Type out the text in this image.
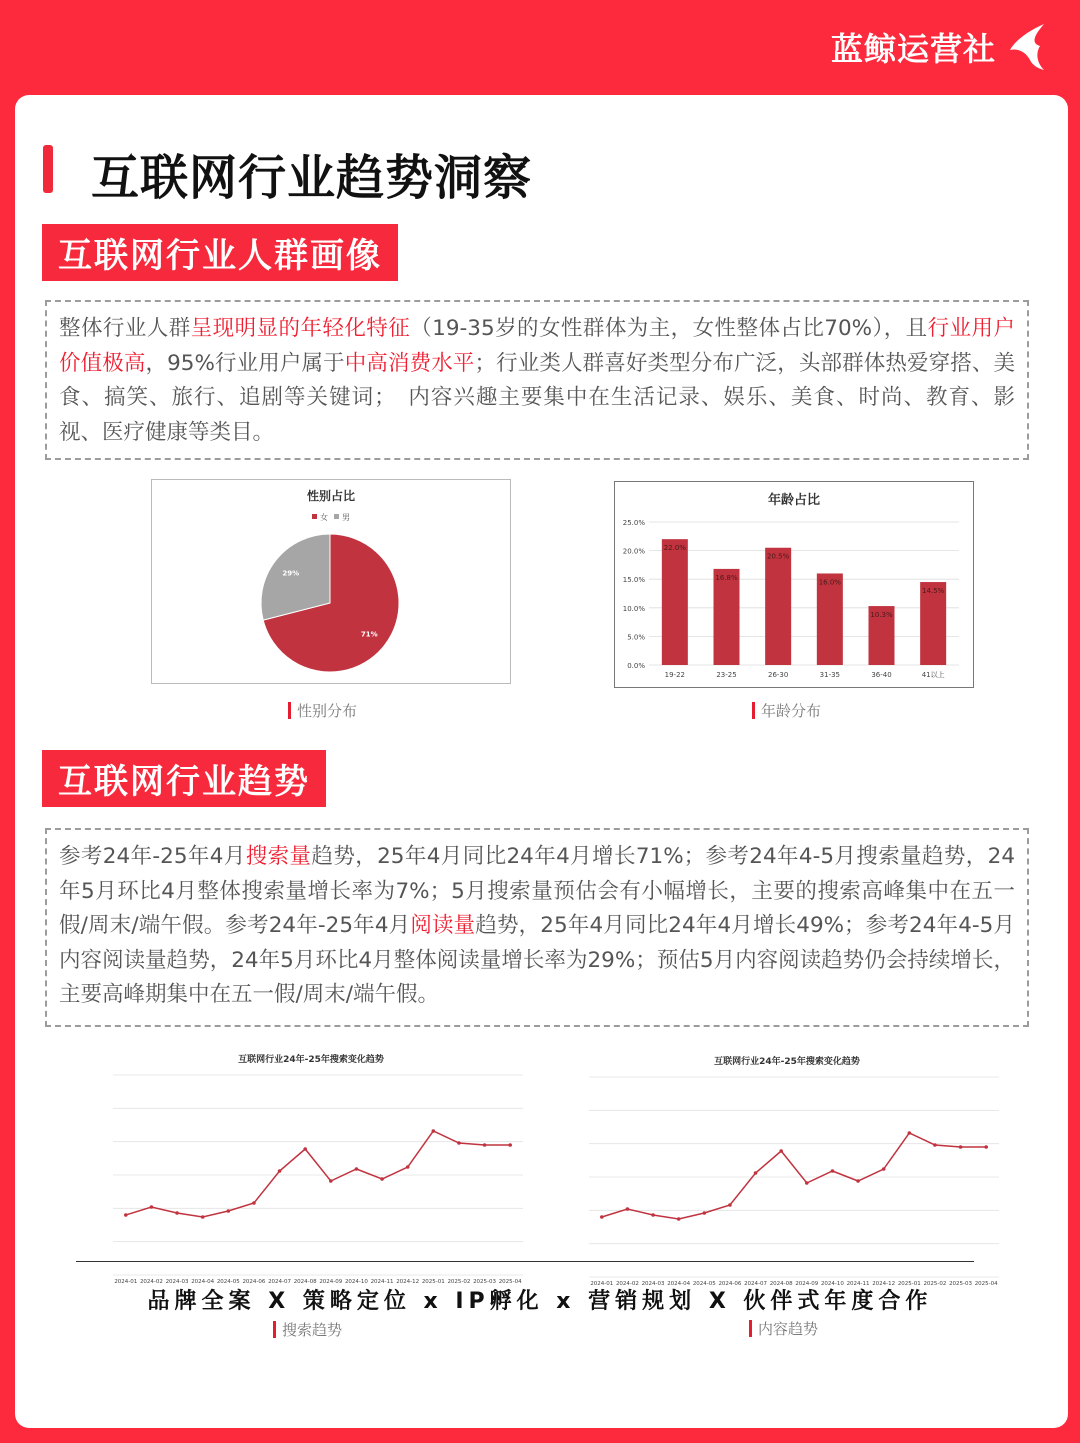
蓝鲸运营社
互联网行业趋势洞察
互联网行业人群画像
整体行业人群呈现明显的年轻化特征（19-35岁的女性群体为主，女性整体占比70%），且行业用户价值极高，95%行业用户属于中高消费水平；行业类人群喜好类型分布广泛，头部群体热爱穿搭、美食、搞笑、旅行、追剧等关键词；　内容兴趣主要集中在生活记录、娱乐、美食、时尚、教育、影视、医疗健康等类目。
性别占比
女 男
71%
29%
性别分布
年龄占比
0.0%
5.0%
10.0%
15.0%
20.0%
25.0%
22.0%
19-22
16.8%
23-25
20.5%
26-30
16.0%
31-35
10.3%
36-40
14.5%
41以上
年龄分布
互联网行业趋势
参考24年-25年4月搜索量趋势，25年4月同比24年4月增长71%；参考24年4-5月搜索量趋势，24年5月环比4月整体搜索量增长率为7%；5月搜索量预估会有小幅增长，主要的搜索高峰集中在五一假/周末/端午假。参考24年-25年4月阅读量趋势，25年4月同比24年4月增长49%；参考24年4-5月内容阅读量趋势，24年5月环比4月整体阅读量增长率为29%；预估5月内容阅读趋势仍会持续增长，主要高峰期集中在五一假/周末/端午假。
互联网行业24年-25年搜索变化趋势
2024-01 2024-02 2024-03 2024-04 2024-05 2024-06 2024-07 2024-08 2024-09 2024-10 2024-11 2024-12 2025-01 2025-02 2025-03 2025-04
搜索趋势
互联网行业24年-25年搜索变化趋势
2024-01 2024-02 2024-03 2024-04 2024-05 2024-06 2024-07 2024-08 2024-09 2024-10 2024-11 2024-12 2025-01 2025-02 2025-03 2025-04
内容趋势
品牌全案 X 策略定位 x IP孵化 x 营销规划 X 伙伴式年度合作
